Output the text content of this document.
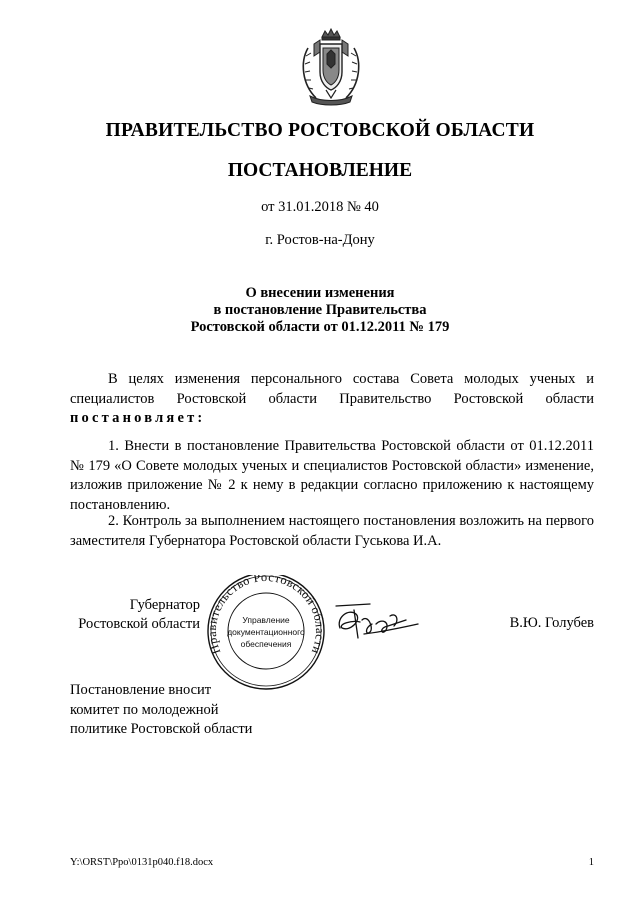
ПРАВИТЕЛЬСТВО РОСТОВСКОЙ ОБЛАСТИ
ПОСТАНОВЛЕНИЕ
от 31.01.2018 № 40
г. Ростов-на-Дону
О внесении изменения
в постановление Правительства
Ростовской области от 01.12.2011 № 179
В целях изменения персонального состава Совета молодых ученых и специалистов Ростовской области Правительство Ростовской области постановляет:
1. Внести в постановление Правительства Ростовской области от 01.12.2011 № 179 «О Совете молодых ученых и специалистов Ростовской области» изменение, изложив приложение № 2 к нему в редакции согласно приложению к настоящему постановлению.
2. Контроль за выполнением настоящего постановления возложить на первого заместителя Губернатора Ростовской области Гуськова И.А.
Губернатор
Ростовской области
Правительство Ростовской области
Управление
документационного
обеспечения
В.Ю. Голубев
Постановление вносит
комитет по молодежной
политике Ростовской области
Y:\ORST\Ppo\0131p040.f18.docx	1
